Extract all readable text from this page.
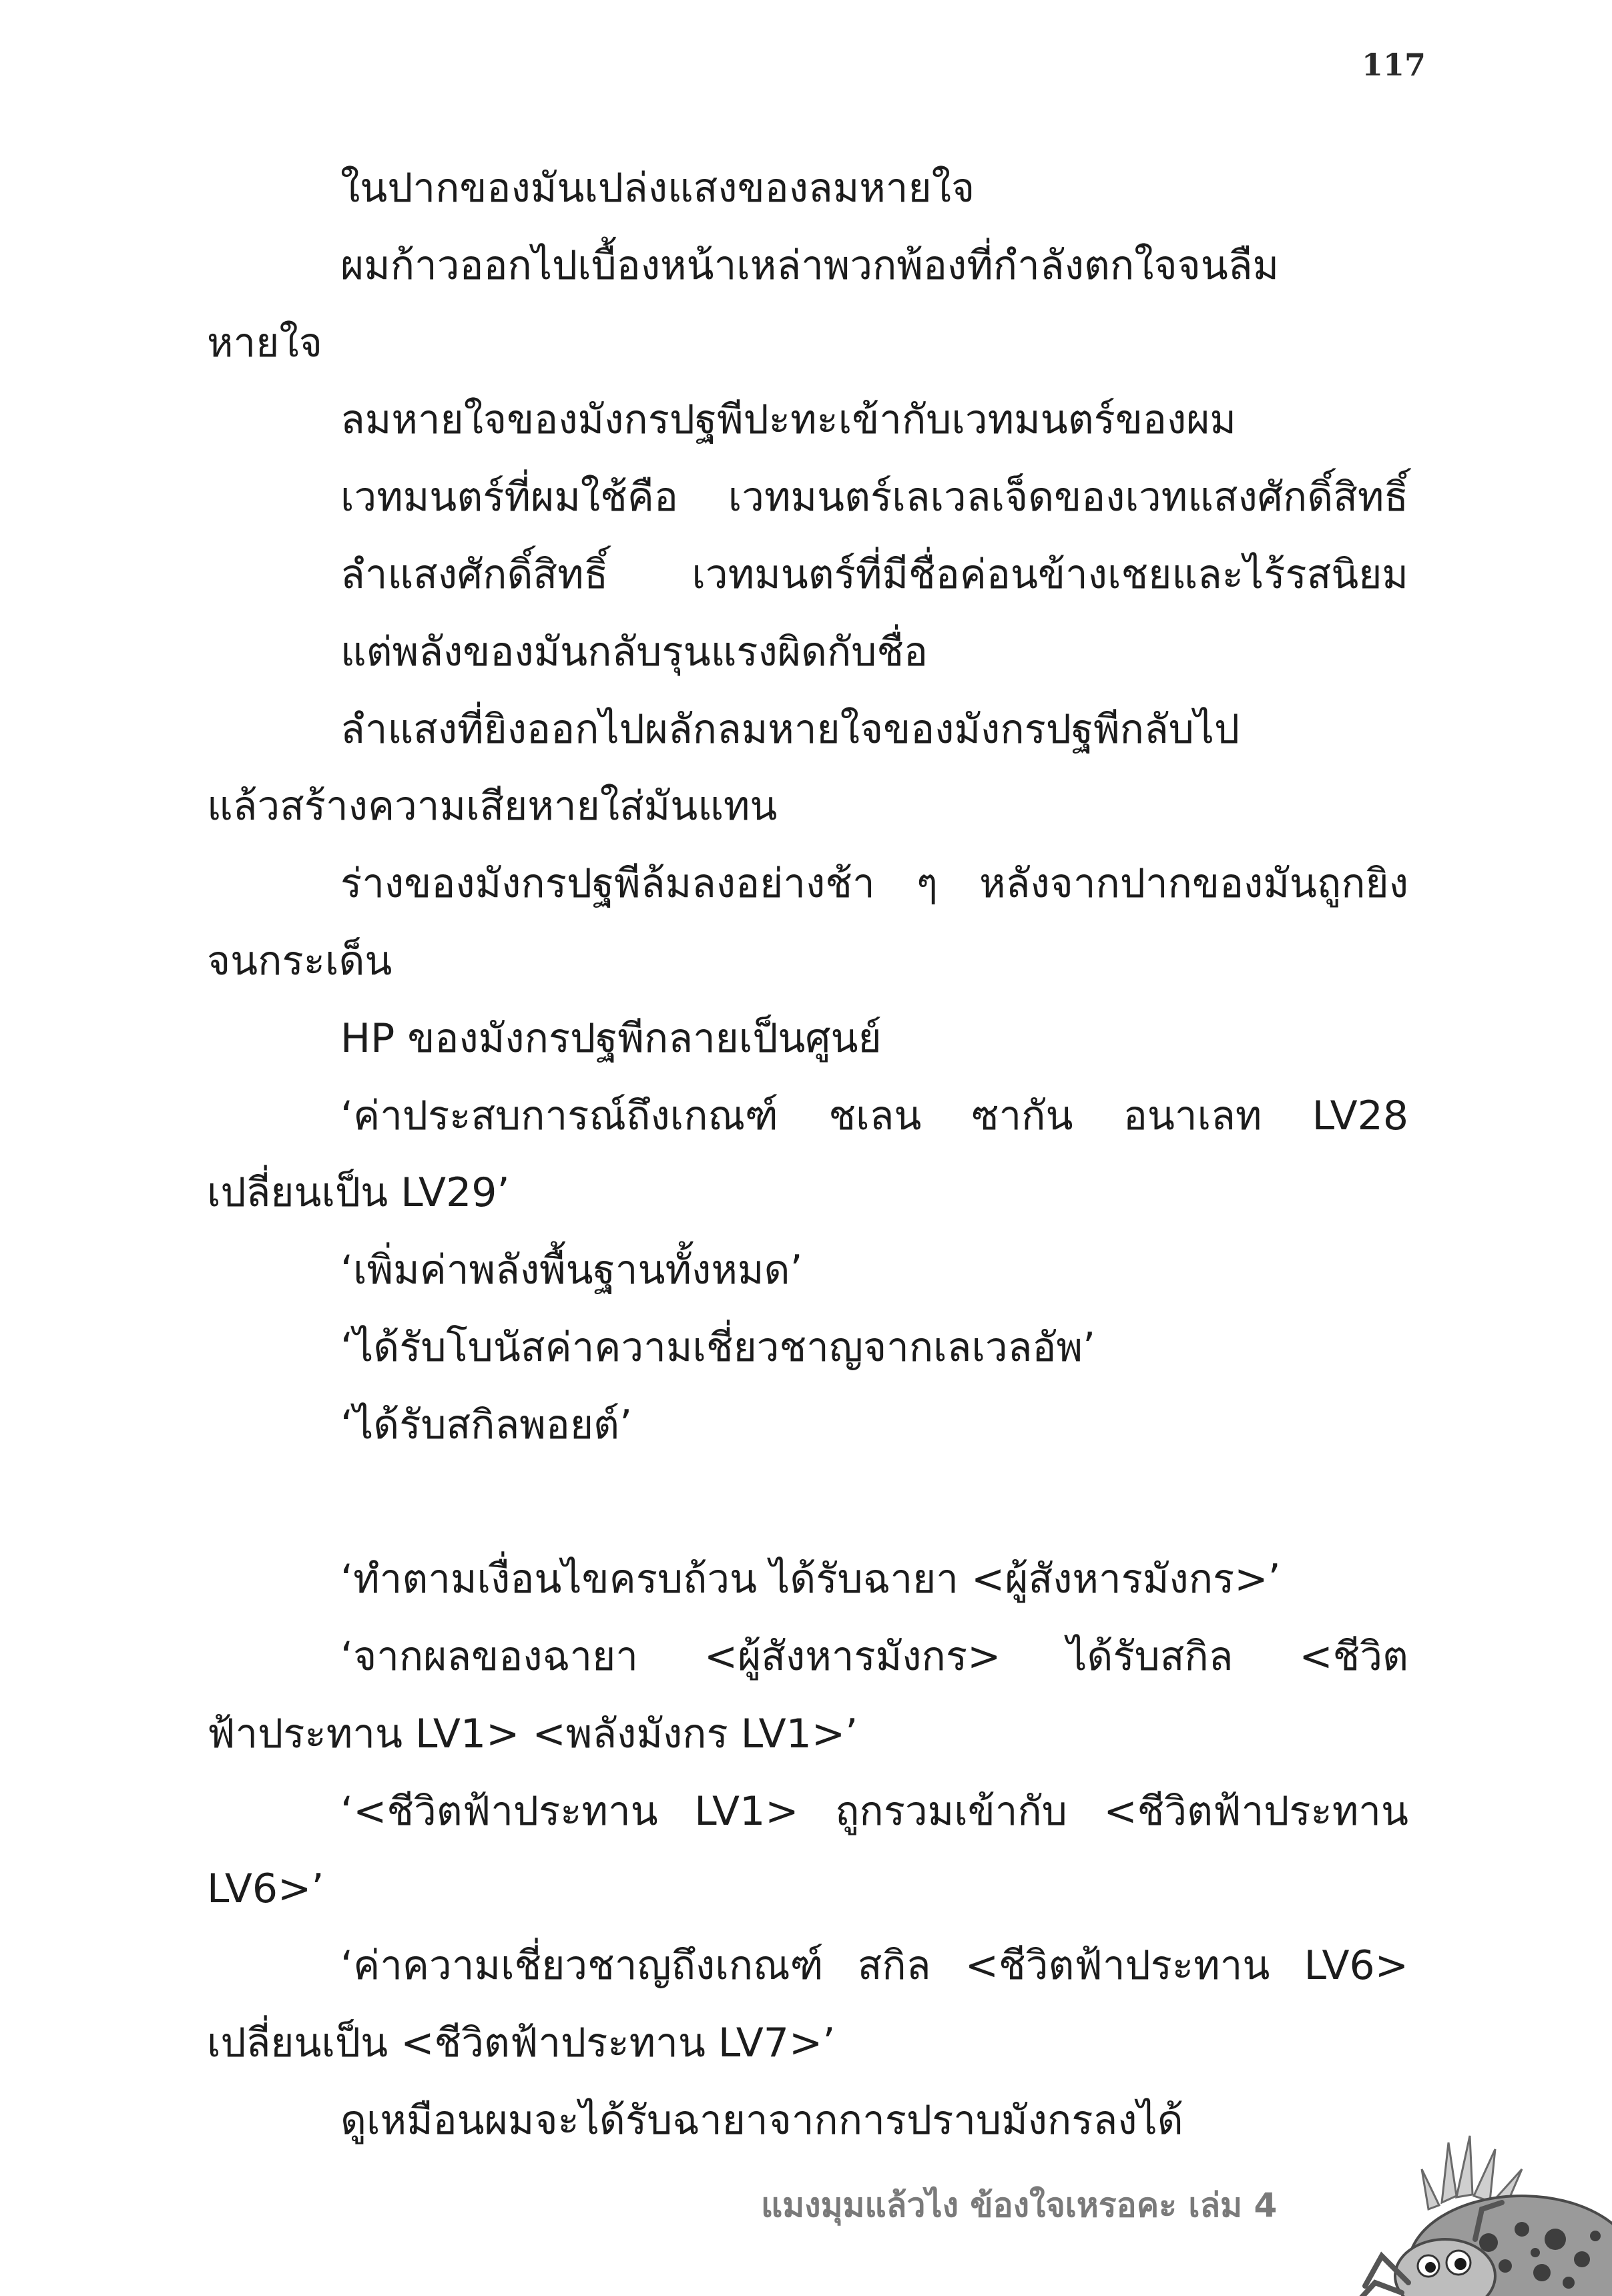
117
ในปากของมันเปล่งแสงของลมหายใจ
ผมก้าวออกไปเบื้องหน้าเหล่าพวกพ้องที่กำลังตกใจจนลืม
หายใจ
ลมหายใจของมังกรปฐพีปะทะเข้ากับเวทมนตร์ของผม
เวทมนตร์ที่ผมใช้คือ เวทมนตร์เลเวลเจ็ดของเวทแสงศักดิ์สิทธิ์
ลำแสงศักดิ์สิทธิ์ เวทมนตร์ที่มีชื่อค่อนข้างเชยและไร้รสนิยม
แต่พลังของมันกลับรุนแรงผิดกับชื่อ
ลำแสงที่ยิงออกไปผลักลมหายใจของมังกรปฐพีกลับไป
แล้วสร้างความเสียหายใส่มันแทน
ร่างของมังกรปฐพีล้มลงอย่างช้า ๆ หลังจากปากของมันถูกยิง
จนกระเด็น
HP ของมังกรปฐพีกลายเป็นศูนย์
‘ค่าประสบการณ์ถึงเกณฑ์ ชเลน ซากัน อนาเลท LV28
เปลี่ยนเป็น LV29’
‘เพิ่มค่าพลังพื้นฐานทั้งหมด’
‘ได้รับโบนัสค่าความเชี่ยวชาญจากเลเวลอัพ’
‘ได้รับสกิลพอยต์’
‘ทำตามเงื่อนไขครบถ้วน ได้รับฉายา <ผู้สังหารมังกร>’
‘จากผลของฉายา <ผู้สังหารมังกร> ได้รับสกิล <ชีวิต
ฟ้าประทาน LV1> <พลังมังกร LV1>’
‘<ชีวิตฟ้าประทาน LV1> ถูกรวมเข้ากับ <ชีวิตฟ้าประทาน
LV6>’
‘ค่าความเชี่ยวชาญถึงเกณฑ์ สกิล <ชีวิตฟ้าประทาน LV6>
เปลี่ยนเป็น <ชีวิตฟ้าประทาน LV7>’
ดูเหมือนผมจะได้รับฉายาจากการปราบมังกรลงได้
แมงมุมแล้วไง ข้องใจเหรอคะ เล่ม 4
